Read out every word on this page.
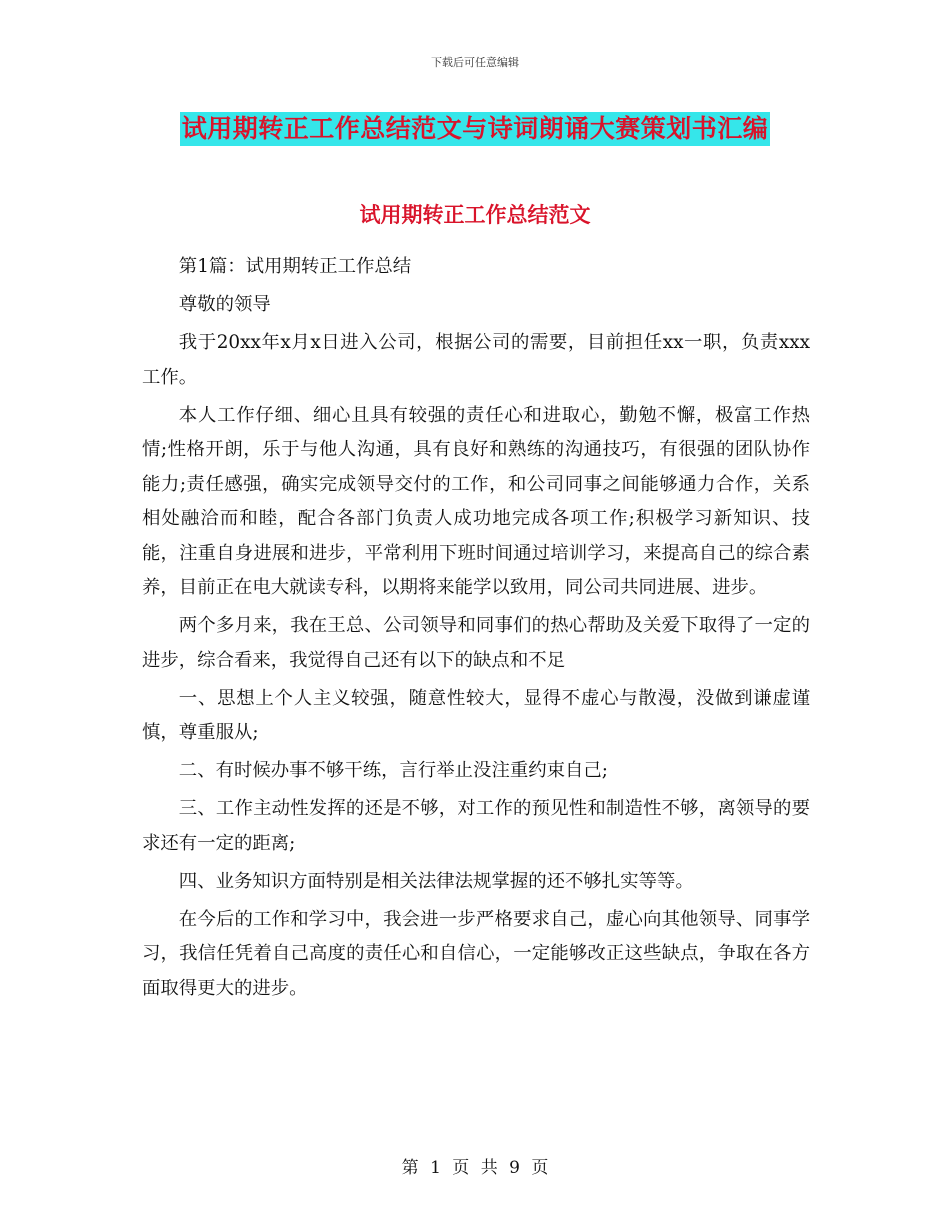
下载后可任意编辑
试用期转正工作总结范文与诗词朗诵大赛策划书汇编
试用期转正工作总结范文

第1篇：试用期转正工作总结

尊敬的领导

我于20xx年x月x日进入公司，根据公司的需要，目前担任xx一职，负责xxx工作。

本人工作仔细、细心且具有较强的责任心和进取心，勤勉不懈，极富工作热情;性格开朗，乐于与他人沟通，具有良好和熟练的沟通技巧，有很强的团队协作能力;责任感强，确实完成领导交付的工作，和公司同事之间能够通力合作，关系相处融洽而和睦，配合各部门负责人成功地完成各项工作;积极学习新知识、技能，注重自身进展和进步，平常利用下班时间通过培训学习，来提高自己的综合素养，目前正在电大就读专科，以期将来能学以致用，同公司共同进展、进步。

两个多月来，我在王总、公司领导和同事们的热心帮助及关爱下取得了一定的进步，综合看来，我觉得自己还有以下的缺点和不足

一、思想上个人主义较强，随意性较大，显得不虚心与散漫，没做到谦虚谨慎，尊重服从;

二、有时候办事不够干练，言行举止没注重约束自己;

三、工作主动性发挥的还是不够，对工作的预见性和制造性不够，离领导的要求还有一定的距离;

四、业务知识方面特别是相关法律法规掌握的还不够扎实等等。

在今后的工作和学习中，我会进一步严格要求自己，虚心向其他领导、同事学习，我信任凭着自己高度的责任心和自信心，一定能够改正这些缺点，争取在各方面取得更大的进步。

第 1 页 共 9 页
